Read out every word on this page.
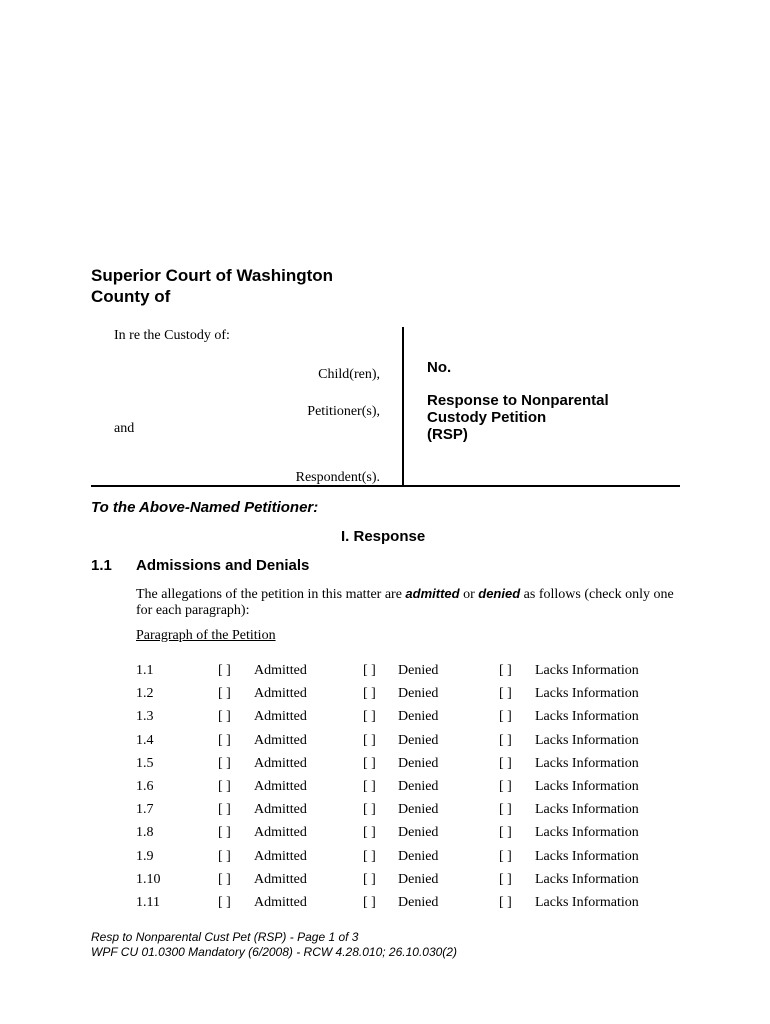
Superior Court of Washington
County of
In re the Custody of:
Child(ren),
Petitioner(s),
and
Respondent(s).
No.
Response to Nonparental
Custody Petition
(RSP)
To the Above-Named Petitioner:
I. Response
1.1 Admissions and Denials
The allegations of the petition in this matter are admitted or denied as follows (check only one
for each paragraph):
Paragraph of the Petition
1.1	[ ] Admitted	[ ] Denied	[ ] Lacks Information
1.2	[ ] Admitted	[ ] Denied	[ ] Lacks Information
1.3	[ ] Admitted	[ ] Denied	[ ] Lacks Information
1.4	[ ] Admitted	[ ] Denied	[ ] Lacks Information
1.5	[ ] Admitted	[ ] Denied	[ ] Lacks Information
1.6	[ ] Admitted	[ ] Denied	[ ] Lacks Information
1.7	[ ] Admitted	[ ] Denied	[ ] Lacks Information
1.8	[ ] Admitted	[ ] Denied	[ ] Lacks Information
1.9	[ ] Admitted	[ ] Denied	[ ] Lacks Information
1.10	[ ] Admitted	[ ] Denied	[ ] Lacks Information
1.11	[ ] Admitted	[ ] Denied	[ ] Lacks Information
Resp to Nonparental Cust Pet (RSP) - Page 1 of 3
WPF CU 01.0300 Mandatory (6/2008) - RCW 4.28.010; 26.10.030(2)
